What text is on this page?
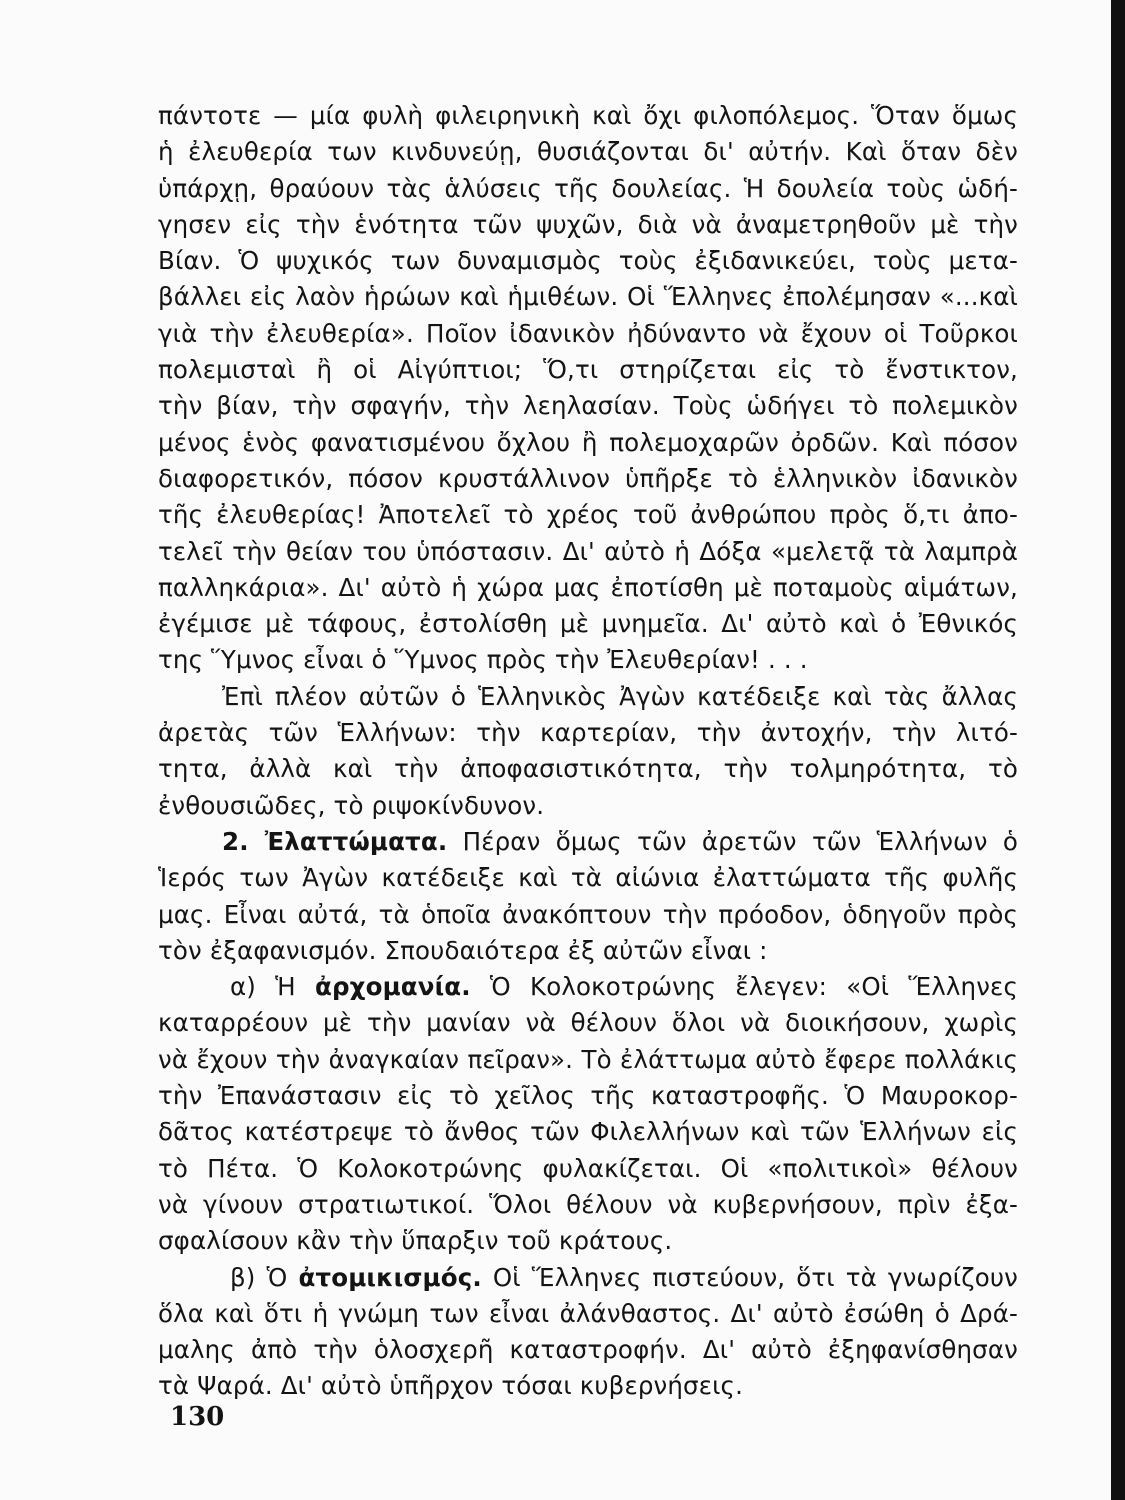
πάντοτε — μία φυλὴ φιλειρηνικὴ καὶ ὄχι φιλοπόλεμος. Ὅταν ὅμως
ἡ ἐλευθερία των κινδυνεύῃ, θυσιάζονται δι' αὐτήν. Καὶ ὅταν δὲν
ὑπάρχῃ, θραύουν τὰς ἁλύσεις τῆς δουλείας. Ἡ δουλεία τοὺς ὡδή-
γησεν εἰς τὴν ἑνότητα τῶν ψυχῶν, διὰ νὰ ἀναμετρηθοῦν μὲ τὴν
Βίαν. Ὁ ψυχικός των δυναμισμὸς τοὺς ἐξιδανικεύει, τοὺς μετα-
βάλλει εἰς λαὸν ἡρώων καὶ ἡμιθέων. Οἱ Ἕλληνες ἐπολέμησαν «...καὶ
γιὰ τὴν ἐλευθερία». Ποῖον ἰδανικὸν ἠδύναντο νὰ ἔχουν οἱ Τοῦρκοι
πολεμισταὶ ἢ οἱ Αἰγύπτιοι; Ὅ,τι στηρίζεται εἰς τὸ ἔνστικτον,
τὴν βίαν, τὴν σφαγήν, τὴν λεηλασίαν. Τοὺς ὡδήγει τὸ πολεμικὸν
μένος ἑνὸς φανατισμένου ὄχλου ἢ πολεμοχαρῶν ὀρδῶν. Καὶ πόσον
διαφορετικόν, πόσον κρυστάλλινον ὑπῆρξε τὸ ἑλληνικὸν ἰδανικὸν
τῆς ἐλευθερίας! Ἀποτελεῖ τὸ χρέος τοῦ ἀνθρώπου πρὸς ὅ,τι ἀπο-
τελεῖ τὴν θείαν του ὑπόστασιν. Δι' αὐτὸ ἡ Δόξα «μελετᾷ τὰ λαμπρὰ
παλληκάρια». Δι' αὐτὸ ἡ χώρα μας ἐποτίσθη μὲ ποταμοὺς αἱμάτων,
ἐγέμισε μὲ τάφους, ἐστολίσθη μὲ μνημεῖα. Δι' αὐτὸ καὶ ὁ Ἐθνικός
της Ὕμνος εἶναι ὁ Ὕμνος πρὸς τὴν Ἐλευθερίαν! . . .
Ἐπὶ πλέον αὐτῶν ὁ Ἑλληνικὸς Ἀγὼν κατέδειξε καὶ τὰς ἄλλας
ἀρετὰς τῶν Ἑλλήνων: τὴν καρτερίαν, τὴν ἀντοχήν, τὴν λιτό-
τητα, ἀλλὰ καὶ τὴν ἀποφασιστικότητα, τὴν τολμηρότητα, τὸ
ἐνθουσιῶδες, τὸ ριψοκίνδυνον.
2. Ἐλαττώματα. Πέραν ὅμως τῶν ἀρετῶν τῶν Ἑλλήνων ὁ
Ἱερός των Ἀγὼν κατέδειξε καὶ τὰ αἰώνια ἐλαττώματα τῆς φυλῆς
μας. Εἶναι αὐτά, τὰ ὁποῖα ἀνακόπτουν τὴν πρόοδον, ὁδηγοῦν πρὸς
τὸν ἐξαφανισμόν. Σπουδαιότερα ἐξ αὐτῶν εἶναι :
α) Ἡ ἀρχομανία. Ὁ Κολοκοτρώνης ἔλεγεν: «Οἱ Ἕλληνες
καταρρέουν μὲ τὴν μανίαν νὰ θέλουν ὅλοι νὰ διοικήσουν, χωρὶς
νὰ ἔχουν τὴν ἀναγκαίαν πεῖραν». Τὸ ἐλάττωμα αὐτὸ ἔφερε πολλάκις
τὴν Ἐπανάστασιν εἰς τὸ χεῖλος τῆς καταστροφῆς. Ὁ Μαυροκορ-
δᾶτος κατέστρεψε τὸ ἄνθος τῶν Φιλελλήνων καὶ τῶν Ἑλλήνων εἰς
τὸ Πέτα. Ὁ Κολοκοτρώνης φυλακίζεται. Οἱ «πολιτικοὶ» θέλουν
νὰ γίνουν στρατιωτικοί. Ὅλοι θέλουν νὰ κυβερνήσουν, πρὶν ἐξα-
σφαλίσουν κἂν τὴν ὕπαρξιν τοῦ κράτους.
β) Ὁ ἀτομικισμός. Οἱ Ἕλληνες πιστεύουν, ὅτι τὰ γνωρίζουν
ὅλα καὶ ὅτι ἡ γνώμη των εἶναι ἀλάνθαστος. Δι' αὐτὸ ἐσώθη ὁ Δρά-
μαλης ἀπὸ τὴν ὁλοσχερῆ καταστροφήν. Δι' αὐτὸ ἐξηφανίσθησαν
τὰ Ψαρά. Δι' αὐτὸ ὑπῆρχον τόσαι κυβερνήσεις.
130
